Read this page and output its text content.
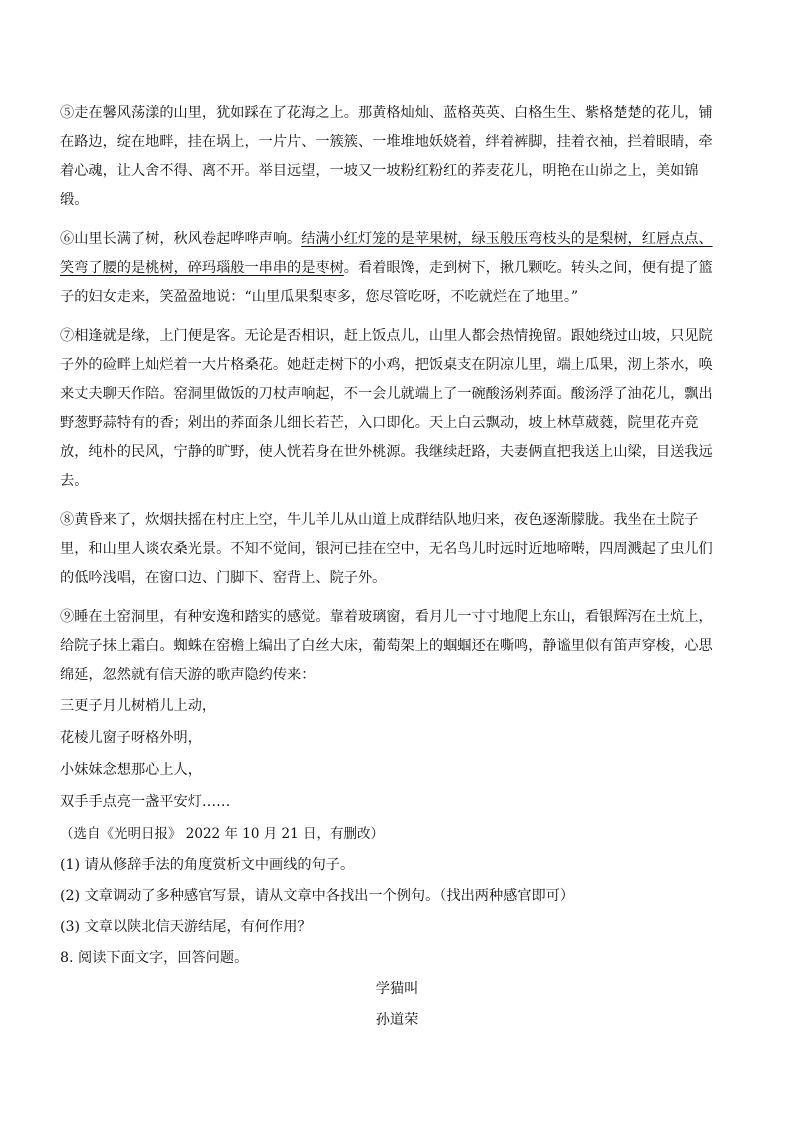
⑤走在馨风荡漾的山里，犹如踩在了花海之上。那黄格灿灿、蓝格英英、白格生生、紫格楚楚的花儿，铺
在路边，绽在地畔，挂在埚上，一片片、一簇簇、一堆堆地妖娆着，绊着裤脚，挂着衣袖，拦着眼睛，牵
着心魂，让人舍不得、离不开。举目远望，一坡又一坡粉红粉红的荞麦花儿，明艳在山峁之上，美如锦
缎。
⑥山里长满了树，秋风卷起哗哗声响。结满小红灯笼的是苹果树，绿玉般压弯枝头的是梨树，红唇点点、
笑弯了腰的是桃树，碎玛瑙般一串串的是枣树。看着眼馋，走到树下，揪几颗吃。转头之间，便有提了篮
子的妇女走来，笑盈盈地说：“山里瓜果梨枣多，您尽管吃呀，不吃就烂在了地里。”
⑦相逢就是缘，上门便是客。无论是否相识，赶上饭点儿，山里人都会热情挽留。跟她绕过山坡，只见院
子外的硷畔上灿烂着一大片格桑花。她赶走树下的小鸡，把饭桌支在阴凉儿里，端上瓜果，沏上茶水，唤
来丈夫聊天作陪。窑洞里做饭的刀杖声响起，不一会儿就端上了一碗酸汤剁荞面。酸汤浮了油花儿，飘出
野葱野蒜特有的香；剁出的荞面条儿细长若芒，入口即化。天上白云飘动，坡上林草葳蕤，院里花卉竞
放，纯朴的民风，宁静的旷野，使人恍若身在世外桃源。我继续赶路，夫妻俩直把我送上山梁，目送我远
去。
⑧黄昏来了，炊烟扶摇在村庄上空，牛儿羊儿从山道上成群结队地归来，夜色逐渐朦胧。我坐在土院子
里，和山里人谈农桑光景。不知不觉间，银河已挂在空中，无名鸟儿时远时近地啼啭，四周溅起了虫儿们
的低吟浅唱，在窗口边、门脚下、窑背上、院子外。
⑨睡在土窑洞里，有种安逸和踏实的感觉。靠着玻璃窗，看月儿一寸寸地爬上东山，看银辉泻在土炕上，
给院子抹上霜白。蜘蛛在窑檐上编出了白丝大床，葡萄架上的蝈蝈还在嘶鸣，静谧里似有笛声穿梭，心思
绵延，忽然就有信天游的歌声隐约传来：
三更子月儿树梢儿上动，
花棱儿窗子呀格外明，
小妹妹念想那心上人，
双手手点亮一盏平安灯……
（选自《光明日报》 2022 年 10 月 21 日，有删改）
(1) 请从修辞手法的角度赏析文中画线的句子。
(2) 文章调动了多种感官写景，请从文章中各找出一个例句。（找出两种感官即可）
(3) 文章以陕北信天游结尾，有何作用？
8. 阅读下面文字，回答问题。
学猫叫
孙道荣
